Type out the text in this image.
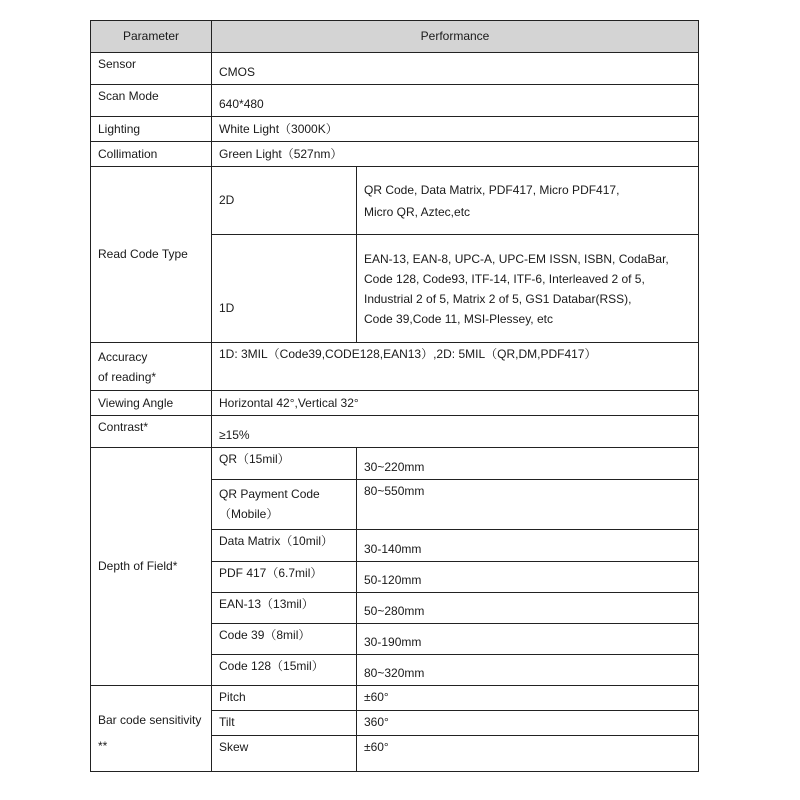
Parameter	Performance	
Sensor	CMOS	
Scan Mode	640*480	
Lighting	White Light（3000K）	
Collimation	Green Light（527nm）	
Read Code Type	2D	QR Code, Data Matrix, PDF417, Micro PDF417,
Micro QR, Aztec,etc

	1D	EAN-13, EAN-8, UPC-A, UPC-EM ISSN, ISBN, CodaBar,
Code 128, Code93, ITF-14, ITF-6, Interleaved 2 of 5,
Industrial 2 of 5, Matrix 2 of 5, GS1 Databar(RSS),
Code 39,Code 11, MSI-Plessey, etc

Accuracy
of reading*	1D: 3MIL（Code39,CODE128,EAN13）,2D: 5MIL（QR,DM,PDF417）	
Viewing Angle	Horizontal 42°,Vertical 32°	
Contrast*	≥15%	
Depth of Field*	QR（15mil）	30~220mm

	QR Payment Code
（Mobile）	80~550mm
	Data Matrix（10mil）	30-140mm
	PDF 417（6.7mil）	50-120mm
	EAN-13（13mil）	50~280mm
	Code 39（8mil）	30-190mm
	Code 128（15mil）	80~320mm

Bar code sensitivity
**	Pitch	±60°
	Tilt	360°
	Skew	±60°
